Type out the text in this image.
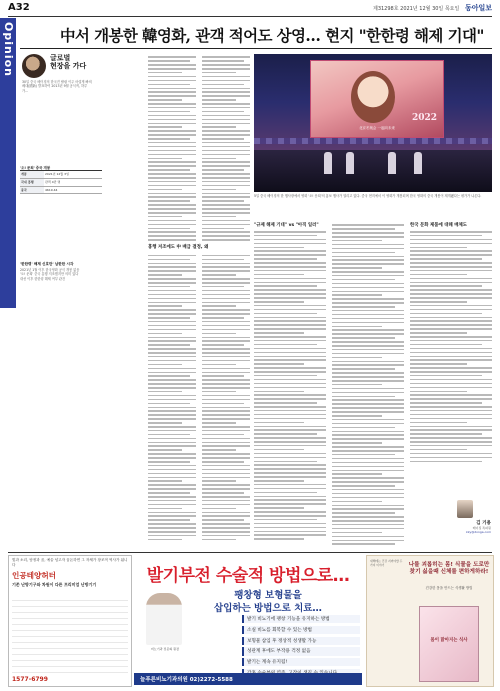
A32	제31298호 2021년 12월 30일 목요일 동아일보
Opinion	中서 개봉한 韓영화, 관객 적어도 상영… 현지 "한한령 해제 기대"
글로벌
현장을 가다
30일 중국 베이징의 한국진 팔림 이주 어렵게 빠져 베대(國新) 발표하여 2013년 9월 공식적, 하루가…
'오! 문희' 중국 개봉
개봉	2021년 12월 3일
국내 흥행	관객 4만 명
중국	4619.44
'한한령' 해제 신호탄' 남한한 시각
2021년 1월 이후 한국영화 공식 개봉 없음
'오! 문희' 중국 흥행 저조했지만 의미 있다
대선 이후 한한령 해제 여부 관건
홍행 저조에도 中 배급 결정, 왜
2022
北京冬奥会 一起向未来
5일 중국 베이징의 한 행사장에서 영화 '오! 문희'의 홍보 행사가 열리고 있다. 중국 현지에서 이 영화가 개봉되며 한국 영화의 중국 개봉이 재개됐다는 평가가 나온다.
"규제 해제 기대" vs "아직 일러"	한국 문화 제품에 대해 매체도
김 기용
베이징 특파원
kky@donga.com
빛과 소리, 탐정과 꿈, 예술 넘고자 꿈돈하면 그 자체가 창조적 역사가 됩니다
인공테양허터
기존 난방기구와 차원이 다른 프리미엄 난방기기
1577-6799
발기부전 수술적 방법으로…
팽창형 보형물을
삽입하는 방법으로 치료…
비뇨기과 전문의 원장
발기 비뇨기에 팽창 기능을 유지하는 방법
소실 비뇨를 회복할 수 있는 방법
보형물 삽입 후 정상적 성생활 가능
성관계 후에도 부작용 걱정 없음
발기는 계속 유지됨!
늘푸른비뇨기과의원 02)2272-5588
새해에는 건강 지켜야할 두 가지 이야기	나를 괴롭히는 몸! 식물을 도로만 찾기 싫을때 신체를 편하게하라!
건강한 몸을 만드는 식생활 방법
몸이 맑아지는 식사
